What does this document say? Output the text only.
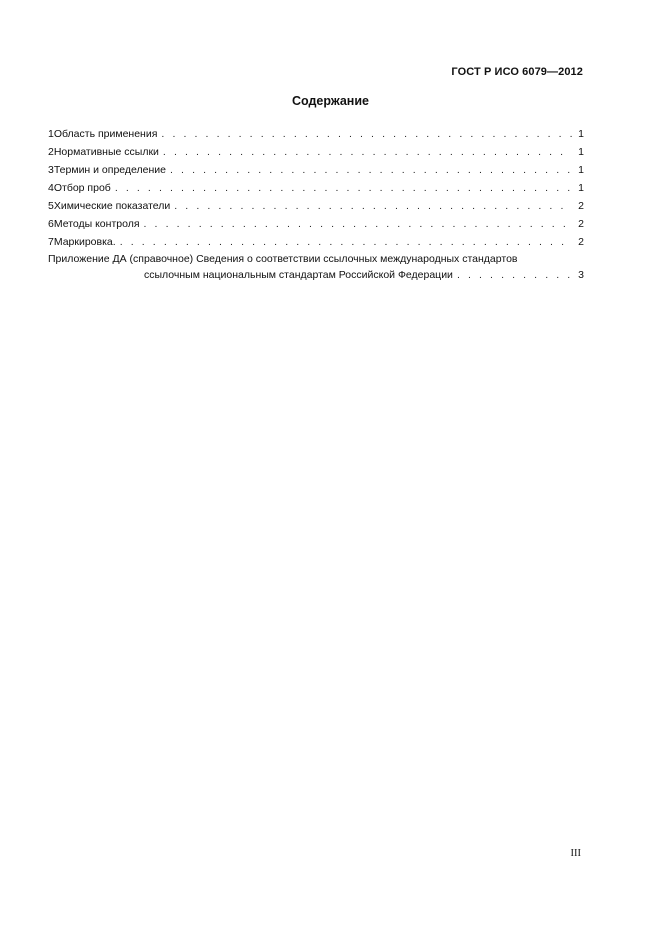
ГОСТ Р ИСО 6079—2012
Содержание
1 Область применения . . .	1
2 Нормативные ссылки . . .	1
3 Термин и определение . . .	1
4 Отбор проб . . .	1
5 Химические показатели . . .	2
6 Методы контроля . . .	2
7 Маркировка. . . .	2
Приложение ДА (справочное) Сведения о соответствии ссылочных международных стандартов
ссылочным национальным стандартам Российской Федерации . . .	3
III
